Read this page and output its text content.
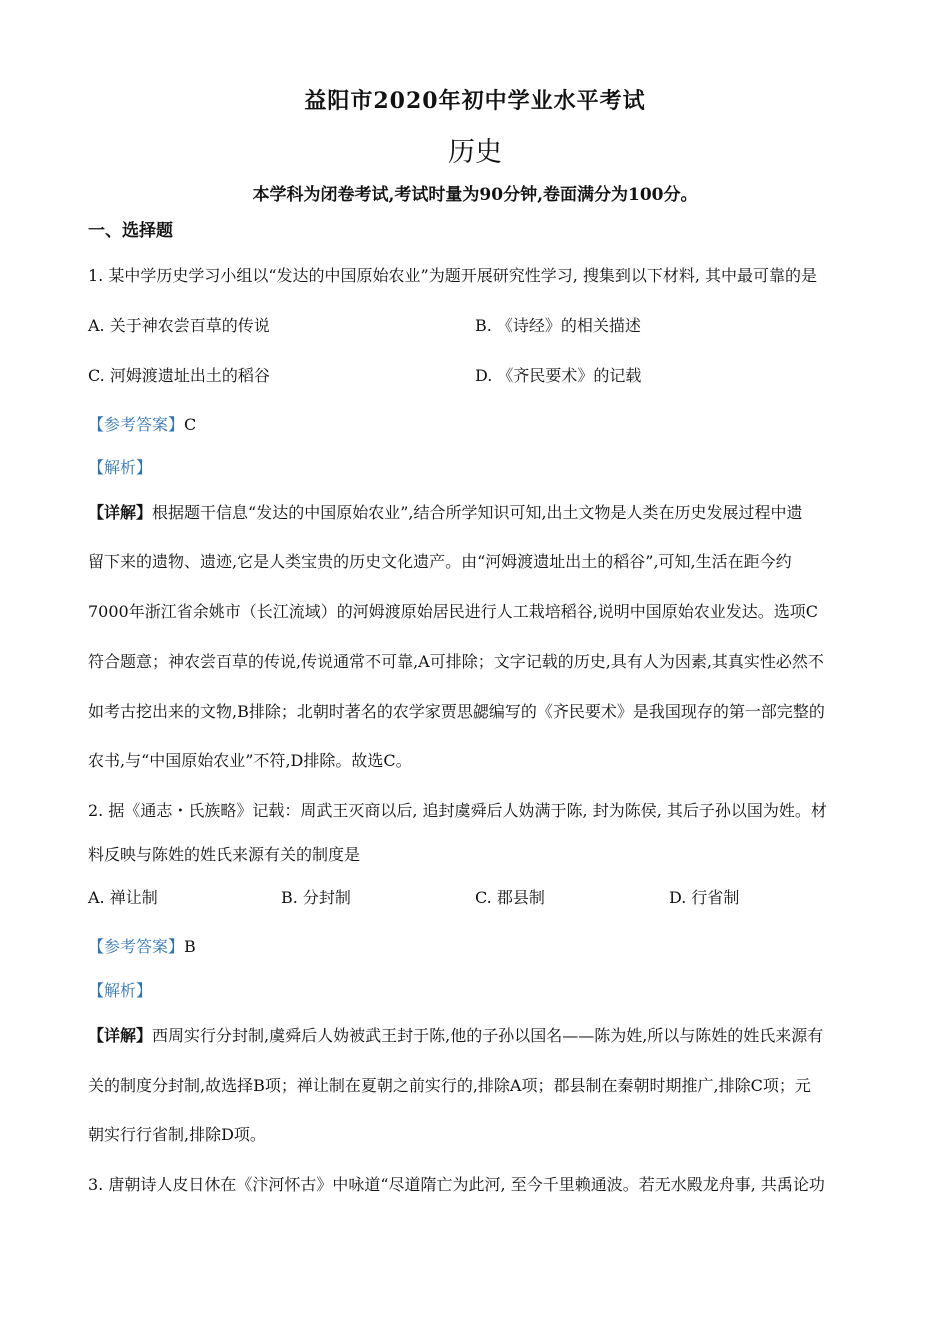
益阳市2020年初中学业水平考试
历史
本学科为闭卷考试,考试时量为90分钟,卷面满分为100分。
一、选择题
1. 某中学历史学习小组以“发达的中国原始农业”为题开展研究性学习, 搜集到以下材料, 其中最可靠的是
A. 关于神农尝百草的传说	B. 《诗经》的相关描述
C. 河姆渡遗址出土的稻谷	D. 《齐民要术》的记载
【参考答案】C
【解析】
【详解】根据题干信息“发达的中国原始农业”,结合所学知识可知,出土文物是人类在历史发展过程中遗
留下来的遗物、遗迹,它是人类宝贵的历史文化遗产。由“河姆渡遗址出土的稻谷”,可知,生活在距今约
7000年浙江省余姚市（长江流域）的河姆渡原始居民进行人工栽培稻谷,说明中国原始农业发达。选项C
符合题意；神农尝百草的传说,传说通常不可靠,A可排除；文字记载的历史,具有人为因素,其真实性必然不
如考古挖出来的文物,B排除；北朝时著名的农学家贾思勰编写的《齐民要术》是我国现存的第一部完整的
农书,与“中国原始农业”不符,D排除。故选C。
2. 据《通志・氏族略》记载：周武王灭商以后, 追封虞舜后人妫满于陈, 封为陈侯, 其后子孙以国为姓。材
料反映与陈姓的姓氏来源有关的制度是
A. 禅让制	B. 分封制	C. 郡县制	D. 行省制
【参考答案】B
【解析】
【详解】西周实行分封制,虞舜后人妫被武王封于陈,他的子孙以国名——陈为姓,所以与陈姓的姓氏来源有
关的制度分封制,故选择B项；禅让制在夏朝之前实行的,排除A项；郡县制在秦朝时期推广,排除C项；元
朝实行行省制,排除D项。
3. 唐朝诗人皮日休在《汴河怀古》中咏道“尽道隋亡为此河, 至今千里赖通波。若无水殿龙舟事, 共禹论功
